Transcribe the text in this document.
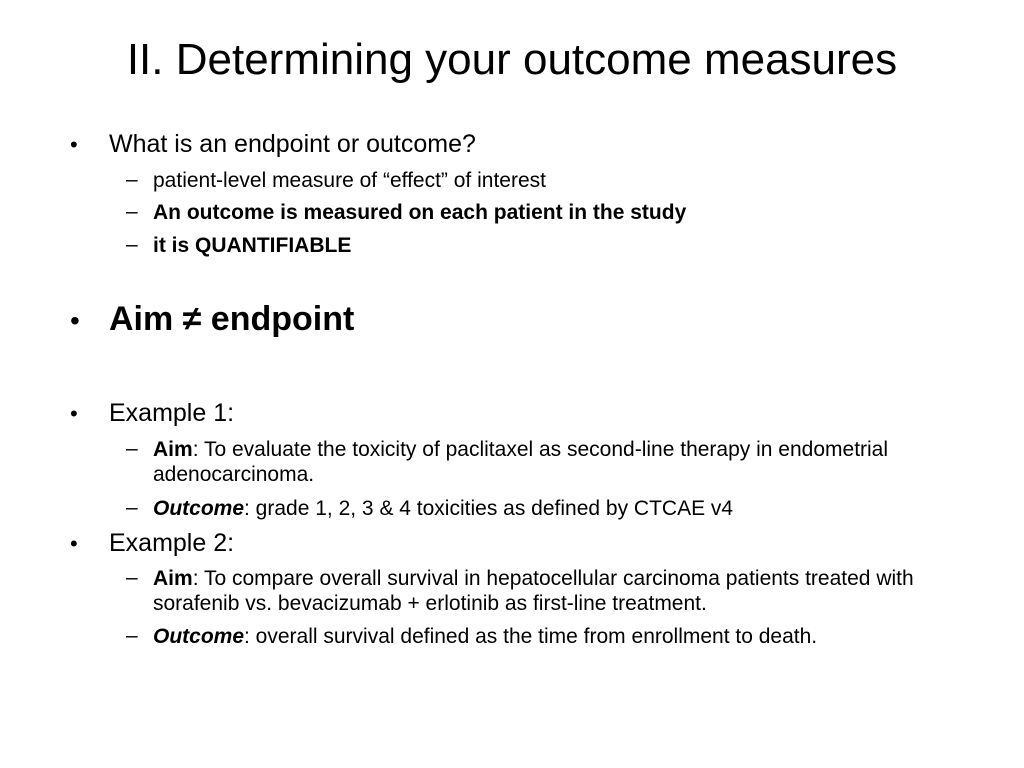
II. Determining your outcome measures
• What is an endpoint or outcome?
– patient-level measure of “effect” of interest
– An outcome is measured on each patient in the study
– it is QUANTIFIABLE
• Aim ≠ endpoint
• Example 1:
– Aim: To evaluate the toxicity of paclitaxel as second-line therapy in endometrial adenocarcinoma.
– Outcome: grade 1, 2, 3 & 4 toxicities as defined by CTCAE v4
• Example 2:
– Aim: To compare overall survival in hepatocellular carcinoma patients treated with sorafenib vs. bevacizumab + erlotinib as first-line treatment.
– Outcome: overall survival defined as the time from enrollment to death.
